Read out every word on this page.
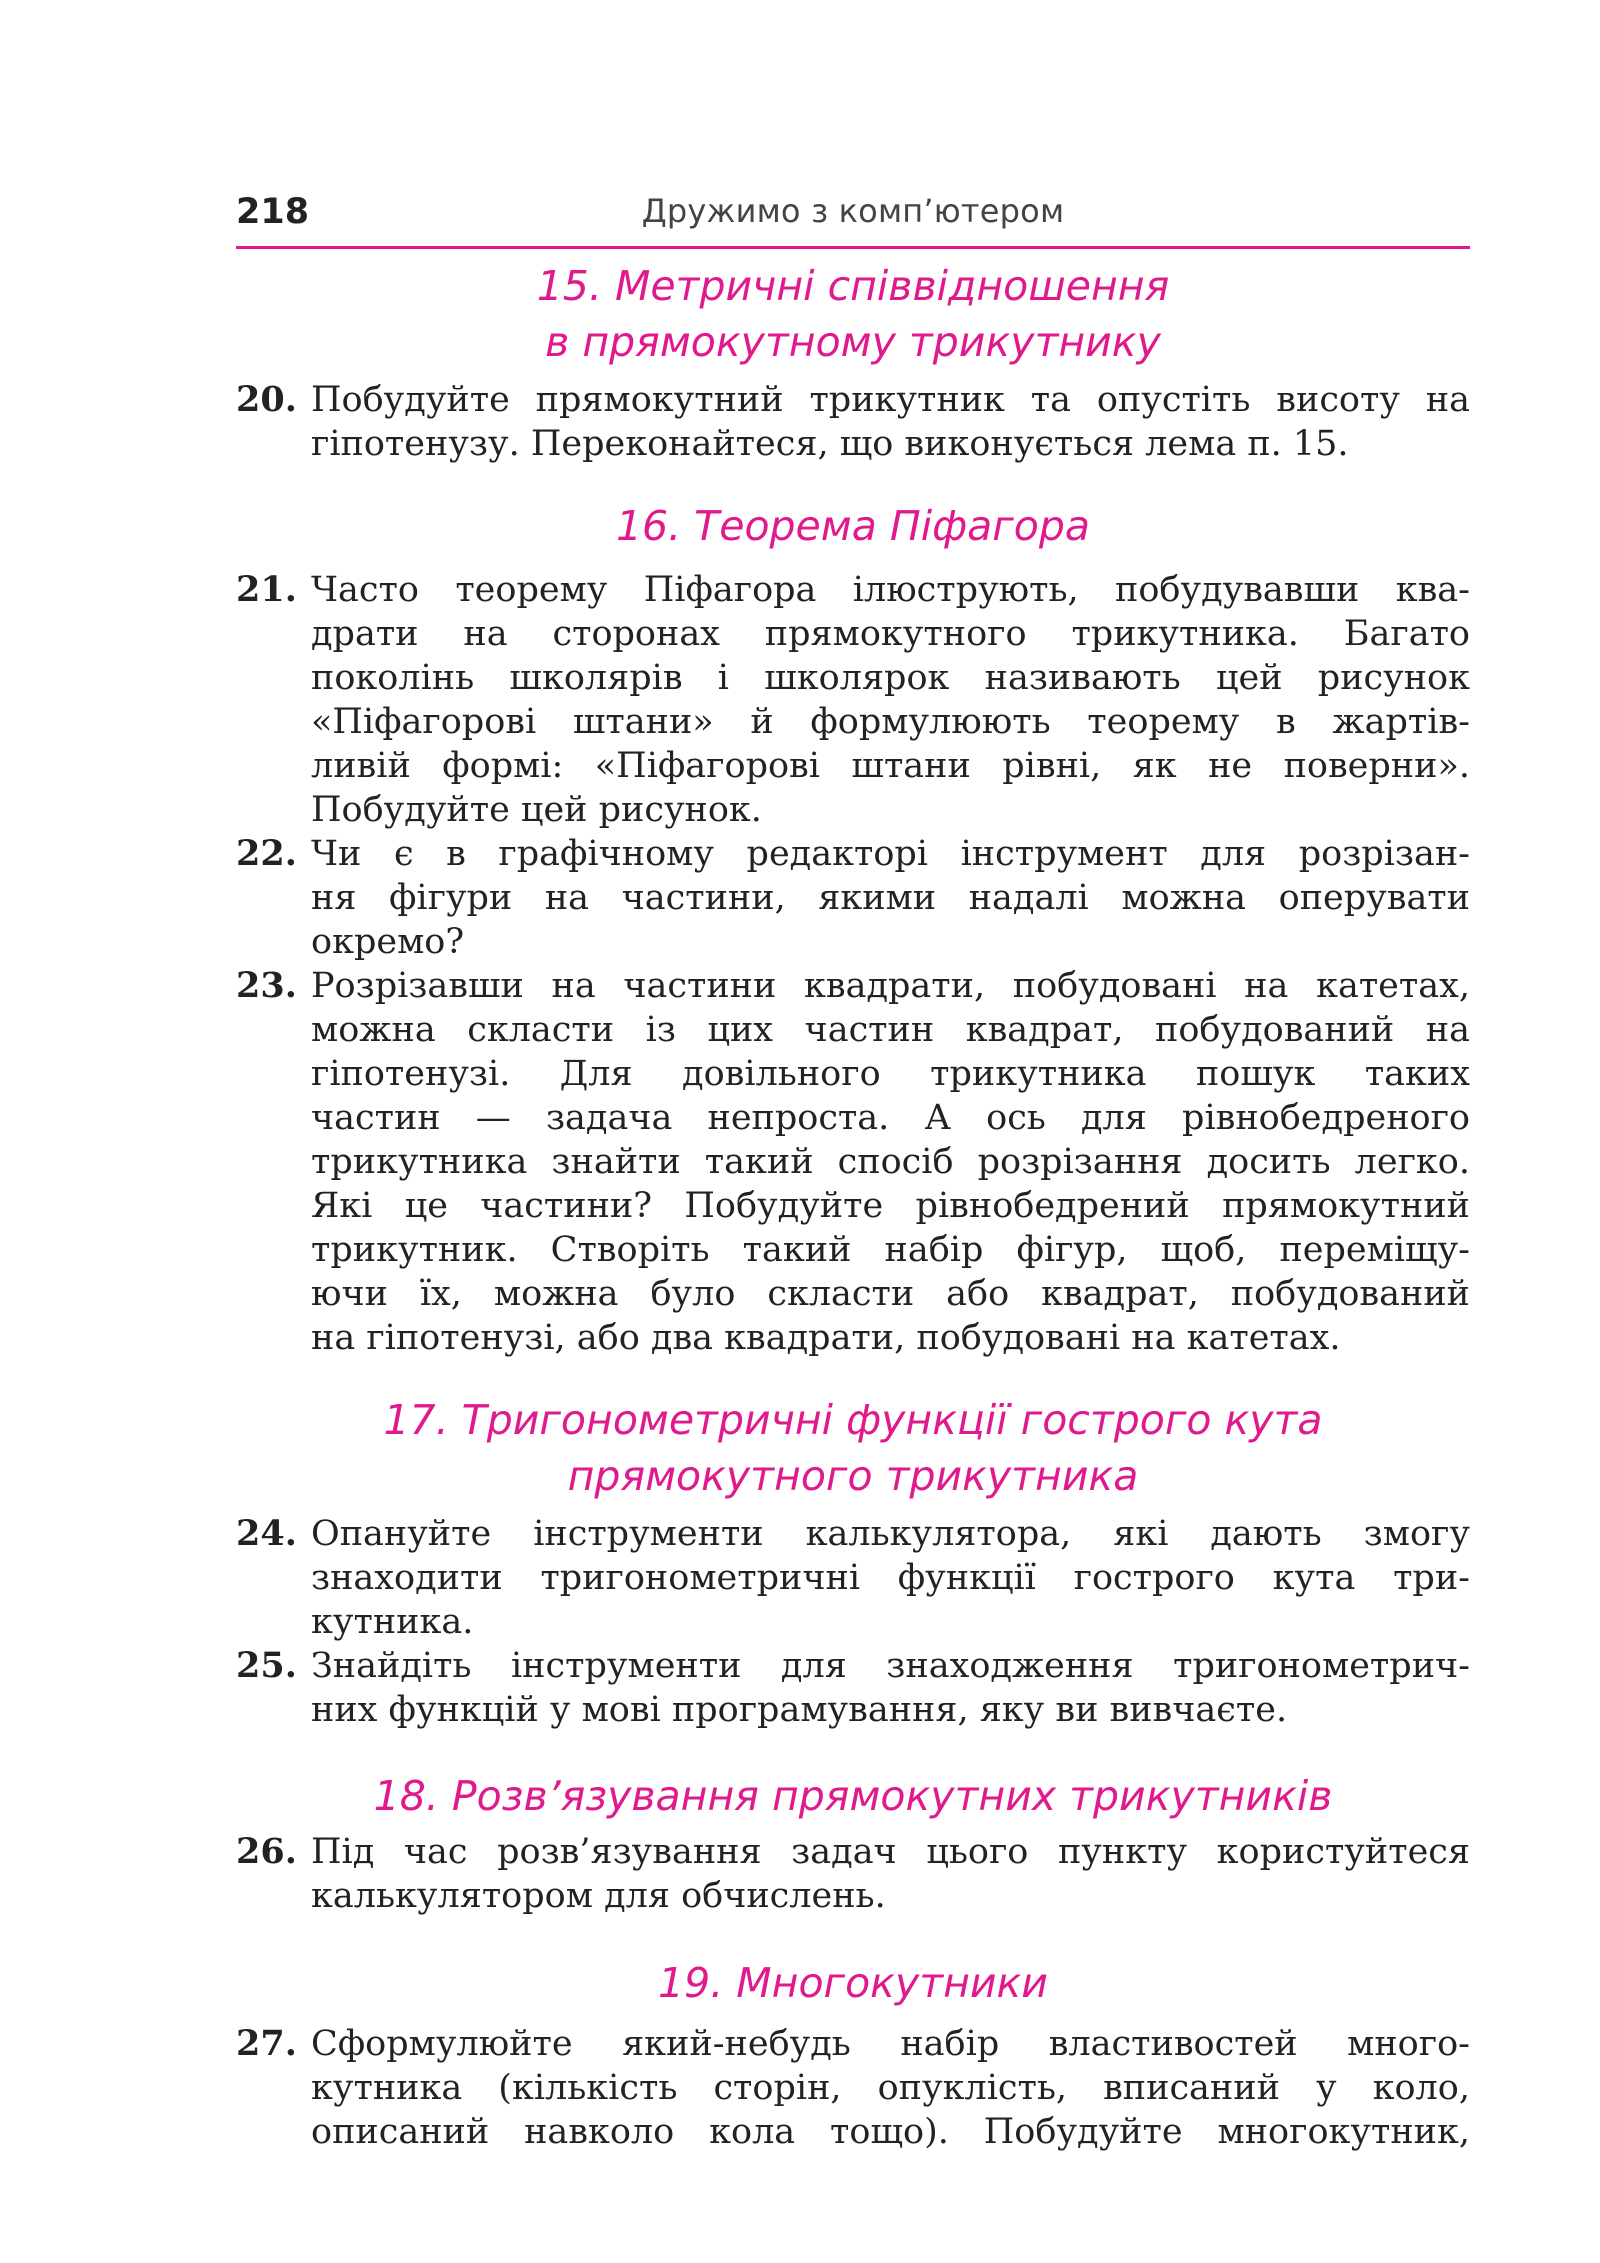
218	Дружимо з комп’ютером
15. Метричні співвідношення
в прямокутному трикутнику
20. Побудуйте прямокутний трикутник та опустіть висоту на
гіпотенузу. Переконайтеся, що виконується лема п. 15.
16. Теорема Піфагора
21. Часто теорему Піфагора ілюструють, побудувавши ква-
драти на сторонах прямокутного трикутника. Багато
поколінь школярів і школярок називають цей рисунок
«Піфагорові штани» й формулюють теорему в жартів-
ливій формі: «Піфагорові штани рівні, як не поверни».
Побудуйте цей рисунок.
22. Чи є в графічному редакторі інструмент для розрізан-
ня фігури на частини, якими надалі можна оперувати
окремо?
23. Розрізавши на частини квадрати, побудовані на катетах,
можна скласти із цих частин квадрат, побудований на
гіпотенузі. Для довільного трикутника пошук таких
частин — задача непроста. А ось для рівнобедреного
трикутника знайти такий спосіб розрізання досить легко.
Які це частини? Побудуйте рівнобедрений прямокутний
трикутник. Створіть такий набір фігур, щоб, переміщу-
ючи їх, можна було скласти або квадрат, побудований
на гіпотенузі, або два квадрати, побудовані на катетах.
17. Тригонометричні функції гострого кута
прямокутного трикутника
24. Опануйте інструменти калькулятора, які дають змогу
знаходити тригонометричні функції гострого кута три-
кутника.
25. Знайдіть інструменти для знаходження тригонометрич-
них функцій у мові програмування, яку ви вивчаєте.
18. Розв’язування прямокутних трикутників
26. Під час розв’язування задач цього пункту користуйтеся
калькулятором для обчислень.
19. Многокутники
27. Сформулюйте який-небудь набір властивостей много-
кутника (кількість сторін, опуклість, вписаний у коло,
описаний навколо кола тощо). Побудуйте многокутник,
